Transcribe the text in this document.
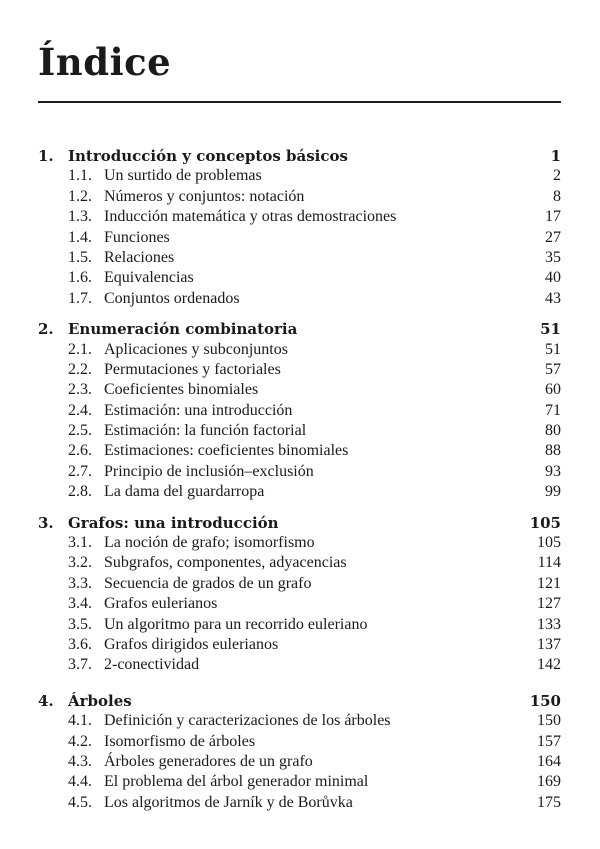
Índice
1. Introducción y conceptos básicos	1
1.1. Un surtido de problemas	2
1.2. Números y conjuntos: notación	8
1.3. Inducción matemática y otras demostraciones	17
1.4. Funciones	27
1.5. Relaciones	35
1.6. Equivalencias	40
1.7. Conjuntos ordenados	43
2. Enumeración combinatoria	51
2.1. Aplicaciones y subconjuntos	51
2.2. Permutaciones y factoriales	57
2.3. Coeficientes binomiales	60
2.4. Estimación: una introducción	71
2.5. Estimación: la función factorial	80
2.6. Estimaciones: coeficientes binomiales	88
2.7. Principio de inclusión–exclusión	93
2.8. La dama del guardarropa	99
3. Grafos: una introducción	105
3.1. La noción de grafo; isomorfismo	105
3.2. Subgrafos, componentes, adyacencias	114
3.3. Secuencia de grados de un grafo	121
3.4. Grafos eulerianos	127
3.5. Un algoritmo para un recorrido euleriano	133
3.6. Grafos dirigidos eulerianos	137
3.7. 2-conectividad	142
4. Árboles	150
4.1. Definición y caracterizaciones de los árboles	150
4.2. Isomorfismo de árboles	157
4.3. Árboles generadores de un grafo	164
4.4. El problema del árbol generador minimal	169
4.5. Los algoritmos de Jarník y de Borůvka	175
